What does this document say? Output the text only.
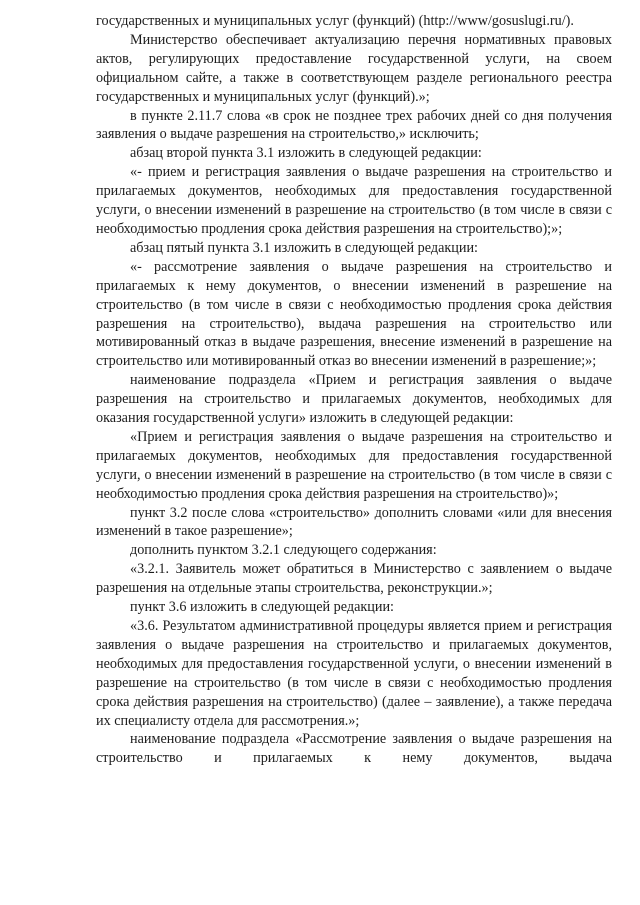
государственных и муниципальных услуг (функций) (http://www/gosuslugi.ru/).

Министерство обеспечивает актуализацию перечня нормативных правовых актов, регулирующих предоставление государственной услуги, на своем официальном сайте, а также в соответствующем разделе регионального реестра государственных и муниципальных услуг (функций).»;

в пункте 2.11.7 слова «в срок не позднее трех рабочих дней со дня получения заявления о выдаче разрешения на строительство,» исключить;

абзац второй пункта 3.1 изложить в следующей редакции:

«- прием и регистрация заявления о выдаче разрешения на строительство и прилагаемых документов, необходимых для предоставления государственной услуги, о внесении изменений в разрешение на строительство (в том числе в связи с необходимостью продления срока действия разрешения на строительство);»;

абзац пятый пункта 3.1 изложить в следующей редакции:

«- рассмотрение заявления о выдаче разрешения на строительство и прилагаемых к нему документов, о внесении изменений в разрешение на строительство (в том числе в связи с необходимостью продления срока действия разрешения на строительство), выдача разрешения на строительство или мотивированный отказ в выдаче разрешения, внесение изменений в разрешение на строительство или мотивированный отказ во внесении изменений в разрешение;»;

наименование подраздела «Прием и регистрация заявления о выдаче разрешения на строительство и прилагаемых документов, необходимых для оказания государственной услуги» изложить в следующей редакции:

«Прием и регистрация заявления о выдаче разрешения на строительство и прилагаемых документов, необходимых для предоставления государственной услуги, о внесении изменений в разрешение на строительство (в том числе в связи с необходимостью продления срока действия разрешения на строительство)»;

пункт 3.2 после слова «строительство» дополнить словами «или для внесения изменений в такое разрешение»;

дополнить пунктом 3.2.1 следующего содержания:

«3.2.1. Заявитель может обратиться в Министерство с заявлением о выдаче разрешения на отдельные этапы строительства, реконструкции.»;

пункт 3.6 изложить в следующей редакции:

«3.6. Результатом административной процедуры является прием и регистрация заявления о выдаче разрешения на строительство и прилагаемых документов, необходимых для предоставления государственной услуги, о внесении изменений в разрешение на строительство (в том числе в связи с необходимостью продления срока действия разрешения на строительство) (далее – заявление), а также передача их специалисту отдела для рассмотрения.»;

наименование подраздела «Рассмотрение заявления о выдаче разрешения на строительство и прилагаемых к нему документов, выдача
